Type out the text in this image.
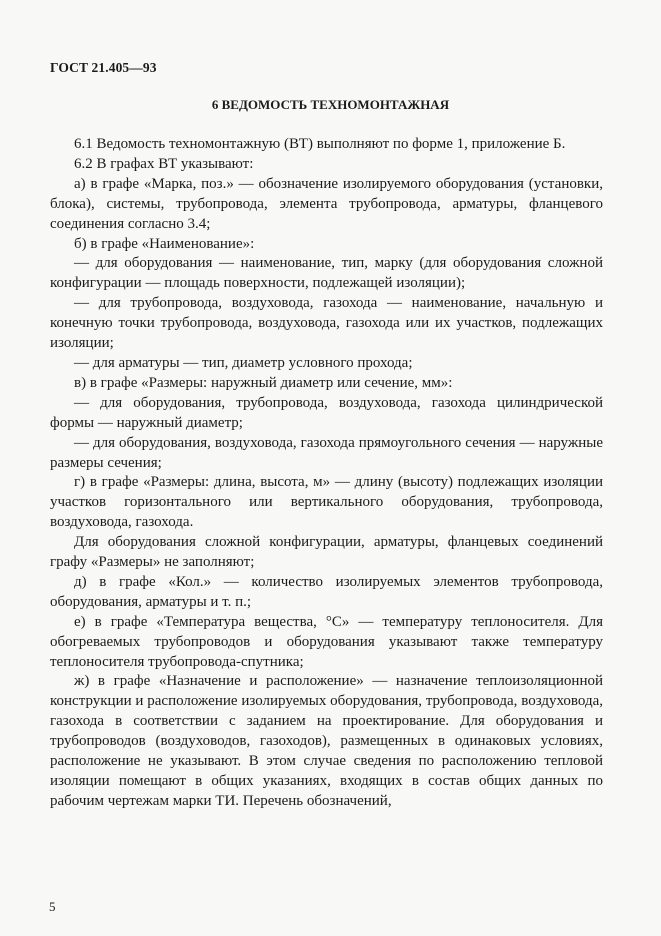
ГОСТ 21.405—93
6 ВЕДОМОСТЬ ТЕХНОМОНТАЖНАЯ

6.1 Ведомость техномонтажную (ВТ) выполняют по форме 1, приложение Б.

6.2 В графах ВТ указывают:

а) в графе «Марка, поз.» — обозначение изолируемого оборудования (установки, блока), системы, трубопровода, элемента трубопровода, арматуры, фланцевого соединения согласно 3.4;

б) в графе «Наименование»:

— для оборудования — наименование, тип, марку (для оборудования сложной конфигурации — площадь поверхности, подлежащей изоляции);

— для трубопровода, воздуховода, газохода — наименование, начальную и конечную точки трубопровода, воздуховода, газохода или их участков, подлежащих изоляции;

— для арматуры — тип, диаметр условного прохода;

в) в графе «Размеры: наружный диаметр или сечение, мм»:

— для оборудования, трубопровода, воздуховода, газохода цилиндрической формы — наружный диаметр;

— для оборудования, воздуховода, газохода прямоугольного сечения — наружные размеры сечения;

г) в графе «Размеры: длина, высота, м» — длину (высоту) подлежащих изоляции участков горизонтального или вертикального оборудования, трубопровода, воздуховода, газохода.

Для оборудования сложной конфигурации, арматуры, фланцевых соединений графу «Размеры» не заполняют;

д) в графе «Кол.» — количество изолируемых элементов трубопровода, оборудования, арматуры и т. п.;

е) в графе «Температура вещества, °С» — температуру теплоносителя. Для обогреваемых трубопроводов и оборудования указывают также температуру теплоносителя трубопровода-спутника;

ж) в графе «Назначение и расположение» — назначение теплоизоляционной конструкции и расположение изолируемых оборудования, трубопровода, воздуховода, газохода в соответствии с заданием на проектирование. Для оборудования и трубопроводов (воздуховодов, газоходов), размещенных в одинаковых условиях, расположение не указывают. В этом случае сведения по расположению тепловой изоляции помещают в общих указаниях, входящих в состав общих данных по рабочим чертежам марки ТИ. Перечень обозначений,

5
